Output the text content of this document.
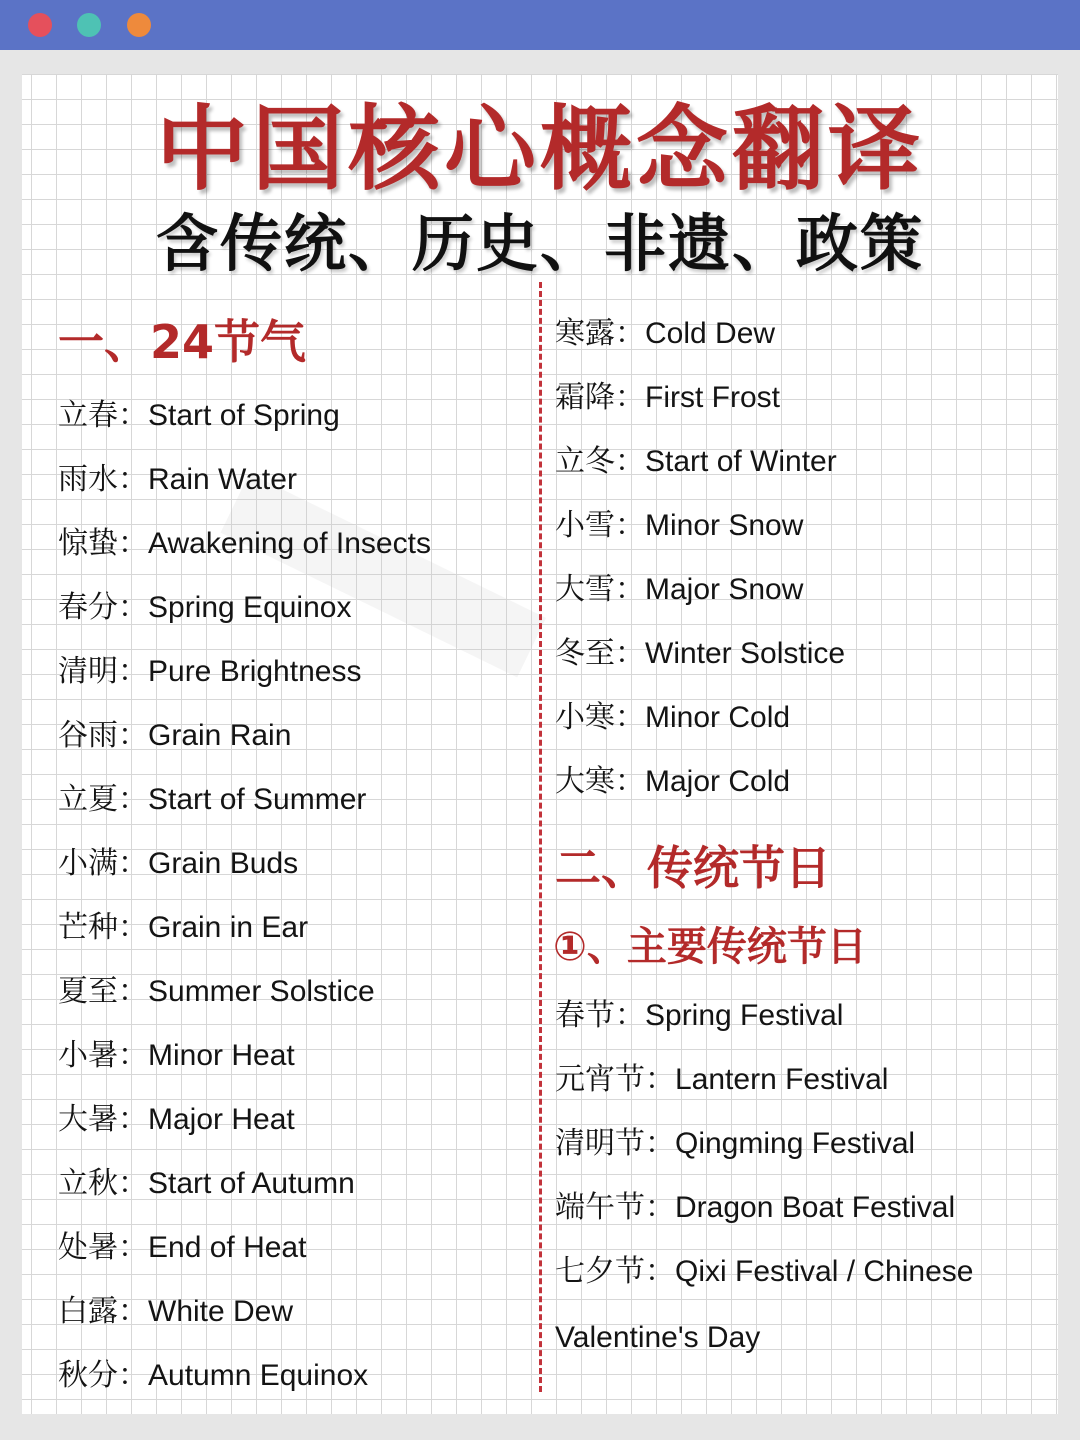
中国核心概念翻译
含传统、历史、非遗、政策
一、24节气
二、传统节日
①、主要传统节日
立春：Start of Spring
雨水：Rain Water
惊蛰：Awakening of Insects
春分：Spring Equinox
清明：Pure Brightness
谷雨：Grain Rain
立夏：Start of Summer
小满：Grain Buds
芒种：Grain in Ear
夏至：Summer Solstice
小暑：Minor Heat
大暑：Major Heat
立秋：Start of Autumn
处暑：End of Heat
白露：White Dew
秋分：Autumn Equinox
寒露：Cold Dew
霜降：First Frost
立冬：Start of Winter
小雪：Minor Snow
大雪：Major Snow
冬至：Winter Solstice
小寒：Minor Cold
大寒：Major Cold
春节：Spring Festival
元宵节：Lantern Festival
清明节：Qingming Festival
端午节：Dragon Boat Festival
七夕节：Qixi Festival / Chinese
Valentine's Day
